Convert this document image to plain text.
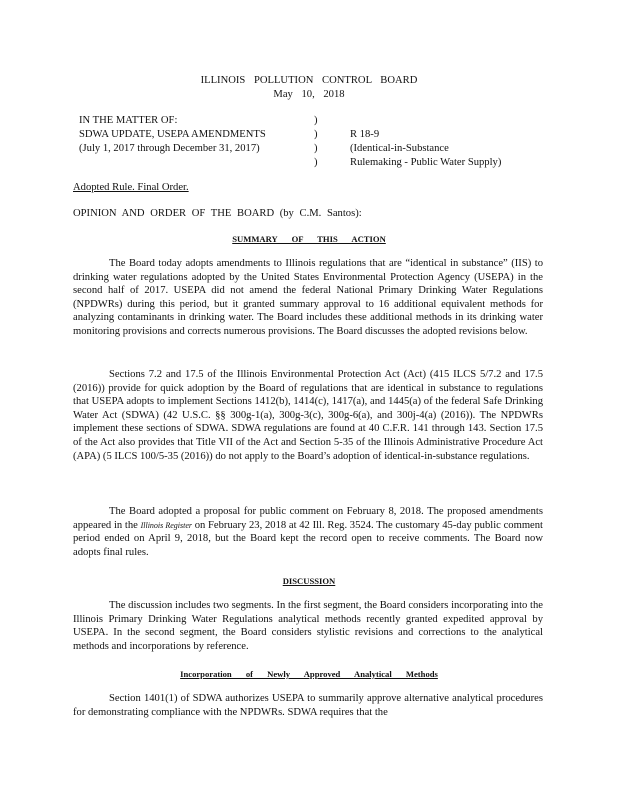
ILLINOIS POLLUTION CONTROL BOARD
May 10, 2018
IN THE MATTER OF:
SDWA UPDATE, USEPA AMENDMENTS
(July 1, 2017 through December 31, 2017)
)
)
)
)
R 18-9
(Identical-in-Substance
Rulemaking - Public Water Supply)
Adopted Rule. Final Order.
OPINION AND ORDER OF THE BOARD (by C.M. Santos):
SUMMARY OF THIS ACTION

The Board today adopts amendments to Illinois regulations that are “identical in substance” (IIS) to drinking water regulations adopted by the United States Environmental Protection Agency (USEPA) in the second half of 2017. USEPA did not amend the federal National Primary Drinking Water Regulations (NPDWRs) during this period, but it granted summary approval to 16 additional equivalent methods for analyzing contaminants in drinking water. The Board includes these additional methods in its drinking water monitoring provisions and corrects numerous provisions. The Board discusses the adopted revisions below.

Sections 7.2 and 17.5 of the Illinois Environmental Protection Act (Act) (415 ILCS 5/7.2 and 17.5 (2016)) provide for quick adoption by the Board of regulations that are identical in substance to regulations that USEPA adopts to implement Sections 1412(b), 1414(c), 1417(a), and 1445(a) of the federal Safe Drinking Water Act (SDWA) (42 U.S.C. §§ 300g-1(a), 300g-3(c), 300g-6(a), and 300j-4(a) (2016)). The NPDWRs implement these sections of SDWA. SDWA regulations are found at 40 C.F.R. 141 through 143. Section 17.5 of the Act also provides that Title VII of the Act and Section 5-35 of the Illinois Administrative Procedure Act (APA) (5 ILCS 100/5-35 (2016)) do not apply to the Board’s adoption of identical-in-substance regulations.

The Board adopted a proposal for public comment on February 8, 2018. The proposed amendments appeared in the Illinois Register on February 23, 2018 at 42 Ill. Reg. 3524. The customary 45-day public comment period ended on April 9, 2018, but the Board kept the record open to receive comments. The Board now adopts final rules.

DISCUSSION

The discussion includes two segments. In the first segment, the Board considers incorporating into the Illinois Primary Drinking Water Regulations analytical methods recently granted expedited approval by USEPA. In the second segment, the Board considers stylistic revisions and corrections to the analytical methods and incorporations by reference.

Incorporation of Newly Approved Analytical Methods

Section 1401(1) of SDWA authorizes USEPA to summarily approve alternative analytical procedures for demonstrating compliance with the NPDWRs. SDWA requires that the
